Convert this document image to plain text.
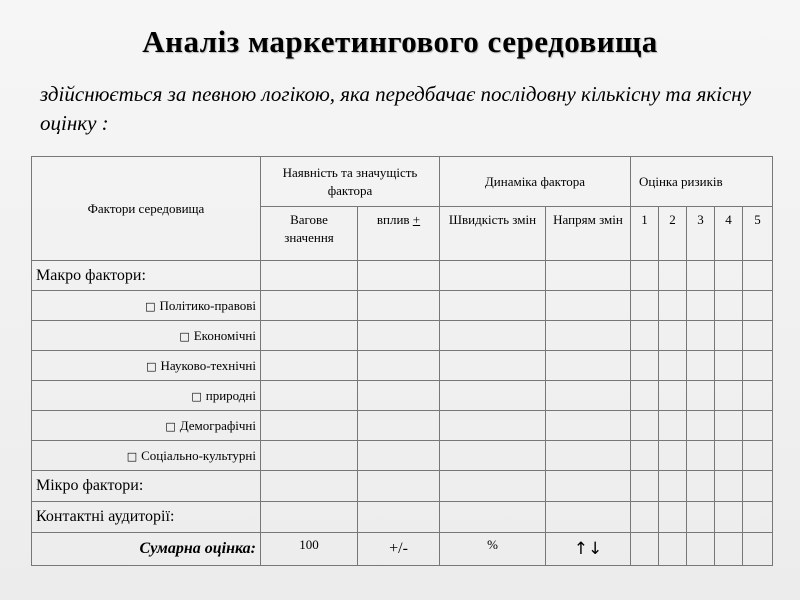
Аналіз маркетингового середовища
здійснюється за певною логікою, яка передбачає послідовну кількісну та якісну оцінку :
Фактори середовища	Наявність та значущість фактора		Динаміка фактора		Оцінка ризиків				
	Вагове значення	вплив +	Швидкість змін	Напрям змін	1	2	3	4	5
Макро фактори:									
□ Політико-правові									
□ Економічні									
□ Науково-технічні									
□ природні									
□ Демографічні									
□ Соціально-культурні									
Мікро фактори:									
Контактні аудиторії:									
Сумарна оцінка:	100	+/-	%	↑↓					
